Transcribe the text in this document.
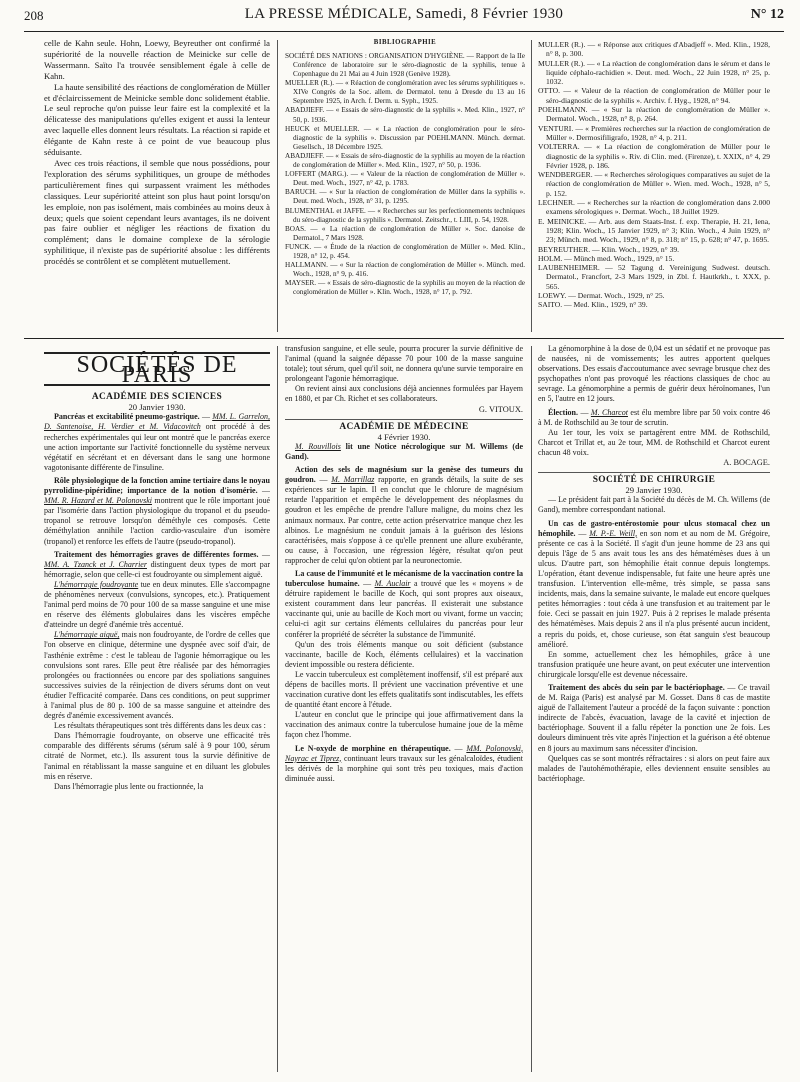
208	LA PRESSE MÉDICALE, Samedi, 8 Février 1930	N° 12

celle de Kahn seule. Hohn, Loewy, Beyreuther ont confirmé la supériorité de la nouvelle réaction de Meinicke sur celle de Wassermann. Saïto l'a trouvée sensiblement égale à celle de Kahn.

La haute sensibilité des réactions de conglomération de Müller et d'éclaircissement de Meinicke semble donc solidement établie. Le seul reproche qu'on puisse leur faire est la complexité et la délicatesse des manipulations qu'elles exigent et aussi la lenteur avec laquelle elles donnent leurs résultats. La réaction si rapide et élégante de Kahn reste à ce point de vue beaucoup plus séduisante.

Avec ces trois réactions, il semble que nous possédions, pour l'exploration des sérums syphilitiques, un groupe de méthodes particulièrement fines qui surpassent vraiment les méthodes classiques. Leur supériorité atteint son plus haut point lorsqu'on les emploie, non pas isolément, mais combinées au moins deux à deux; quels que soient cependant leurs avantages, ils ne doivent pas faire oublier et négliger les réactions de fixation du complément; dans le domaine complexe de la sérologie syphilitique, il n'existe pas de supériorité absolue : les différents procédés se contrôlent et se complètent mutuellement.

BIBLIOGRAPHIE

SOCIÉTÉ DES NATIONS : ORGANISATION D'HYGIÈNE. — Rapport de la IIe Conférence de laboratoire sur le séro-diagnostic de la syphilis, tenue à Copenhague du 21 Mai au 4 Juin 1928 (Genève 1928).

MUELLER (R.). — « Réaction de conglomération avec les sérums syphilitiques ». XIVe Congrès de la Soc. allem. de Dermatol. tenu à Dresde du 13 au 16 Septembre 1925, in Arch. f. Derm. u. Syph., 1925.

ABADJIEFF. — « Essais de séro-diagnostic de la syphilis ». Med. Klin., 1927, n° 50, p. 1936.

HEUCK et MUELLER. — « La réaction de conglomération pour le séro-diagnostic de la syphilis ». Discussion par POEHLMANN. Münch. dermat. Gesellsch., 18 Décembre 1925.

ABADJIEFF. — « Essais de séro-diagnostic de la syphilis au moyen de la réaction de conglomération de Müller ». Med. Klin., 1927, n° 50, p. 1936.

LOFFERT (MARG.). — « Valeur de la réaction de conglomération de Müller ». Deut. med. Woch., 1927, n° 42, p. 1783.

BARUCH. — « Sur la réaction de conglomération de Müller dans la syphilis ». Deut. med. Woch., 1928, n° 31, p. 1295.

BLUMENTHAL et JAFFE. — « Recherches sur les perfectionnements techniques du séro-diagnostic de la syphilis ». Dermatol. Zeitschr., t. LIII, p. 54, 1928.

BOAS. — « La réaction de conglomération de Müller ». Soc. danoise de Dermatol., 7 Mars 1928.

FUNCK. — « Étude de la réaction de conglomération de Müller ». Med. Klin., 1928, n° 12, p. 454.

HALLMANN. — « Sur la réaction de conglomération de Müller ». Münch. med. Woch., 1928, n° 9, p. 416.

MAYSER. — « Essais de séro-diagnostic de la syphilis au moyen de la réaction de conglomération de Müller ». Klin. Woch., 1928, n° 17, p. 792.

MULLER (R.). — « Réponse aux critiques d'Abadjeff ». Med. Klin., 1928, n° 8, p. 300.

MULLER (R.). — « La réaction de conglomération dans le sérum et dans le liquide céphalo-rachidien ». Deut. med. Woch., 22 Juin 1928, n° 25, p. 1032.

OTTO. — « Valeur de la réaction de conglomération de Müller pour le séro-diagnostic de la syphilis ». Archiv. f. Hyg., 1928, n° 94.

POEHLMANN. — « Sur la réaction de conglomération de Müller ». Dermatol. Woch., 1928, n° 8, p. 264.

VENTURI. — « Premières recherches sur la réaction de conglomération de Müller ». Dermosifiligrafo, 1928, n° 4, p. 211.

VOLTERRA. — « La réaction de conglomération de Müller pour le diagnostic de la syphilis ». Riv. di Clin. med. (Firenze), t. XXIX, n° 4, 29 Février 1928, p. 186.

WENDBERGER. — « Recherches sérologiques comparatives au sujet de la réaction de conglomération de Müller ». Wien. med. Woch., 1928, n° 5, p. 152.

LECHNER. — « Recherches sur la réaction de conglomération dans 2.000 examens sérologiques ». Dermat. Woch., 18 Juillet 1929.

E. MEINICKE. — Arb. aus dem Staats-Inst. f. exp. Therapie, H. 21, Iena, 1928; Klin. Woch., 15 Janvier 1929, n° 3; Klin. Woch., 4 Juin 1929, n° 23; Münch. med. Woch., 1929, n° 8, p. 318; n° 15, p. 628; n° 47, p. 1695.

BEYREUTHER. — Klin. Woch., 1929, n° 39.

HOLM. — Münch med. Woch., 1929, n° 15.

LAUBENHEIMER. — 52 Tagung d. Vereinigung Sudwest. deutsch. Dermatol., Francfort, 2-3 Mars 1929, in Zbl. f. Hautkrkh., t. XXX, p. 565.

LOEWY. — Dermat. Woch., 1929, n° 25.

SAITO. — Med. Klin., 1929, n° 39.

SOCIÉTÉS DE PARIS

ACADÉMIE DES SCIENCES

20 Janvier 1930.

Pancréas et excitabilité pneumo-gastrique. — MM. L. Garrelon, D. Santenoise, H. Verdier et M. Vidacovitch ont procédé à des recherches expérimentales qui leur ont montré que le pancréas exerce une action importante sur l'activité fonctionnelle du système nerveux végétatif en sécrétant et en déversant dans le sang une hormone vagotonisante différente de l'insuline.

Rôle physiologique de la fonction amine tertiaire dans le noyau pyrrolidine-pipéridine; importance de la notion d'isomérie. — MM. R. Hazard et M. Polonovski montrent que le rôle important joué par l'isomérie dans l'action physiologique du tropanol et du pseudo-tropanol se retrouve lorsqu'on déméthyle ces composés. Cette déméthylation annihile l'action cardio-vasculaire d'un isomère (tropanol) et renforce les effets de l'autre (pseudo-tropanol).

Traitement des hémorragies graves de différentes formes. — MM. A. Tzanck et J. Charrier distinguent deux types de mort par hémorragie, selon que celle-ci est foudroyante ou simplement aiguë.

L'hémorragie foudroyante tue en deux minutes. Elle s'accompagne de phénomènes nerveux (convulsions, syncopes, etc.). Pratiquement l'animal perd moins de 70 pour 100 de sa masse sanguine et une mise en réserve des éléments globulaires dans les viscères empêche d'atteindre un degré d'anémie très accentué.

L'hémorragie aiguë, mais non foudroyante, de l'ordre de celles que l'on observe en clinique, détermine une dyspnée avec soif d'air, de l'asthénie extrême : c'est le tableau de l'agonie hémorragique ou les convulsions sont rares. Elle peut être réalisée par des hémorragies prolongées ou fractionnées ou encore par des spoliations sanguines successives suivies de la réinjection de divers sérums dont on veut étudier l'efficacité comparée. Dans ces conditions, on peut supprimer à l'animal plus de 80 p. 100 de sa masse sanguine et atteindre des degrés d'anémie excessivement avancés.

Les résultats thérapeutiques sont très différents dans les deux cas :

Dans l'hémorragie foudroyante, on observe une efficacité très comparable des différents sérums (sérum salé à 9 pour 100, sérum citraté de Normet, etc.). Ils assurent tous la survie définitive de l'animal en rétablissant la masse sanguine et en diluant les globules mis en réserve.

Dans l'hémorragie plus lente ou fractionnée, la

transfusion sanguine, et elle seule, pourra procurer la survie définitive de l'animal (quand la saignée dépasse 70 pour 100 de la masse sanguine totale); tout sérum, quel qu'il soit, ne donnera qu'une survie temporaire en prolongeant l'agonie hémorragique.

On revient ainsi aux conclusions déjà anciennes formulées par Hayem en 1880, et par Ch. Richet et ses collaborateurs.

G. VITOUX.

ACADÉMIE DE MÉDECINE

4 Février 1930.

M. Rouvillois lit une Notice nécrologique sur M. Willems (de Gand).

Action des sels de magnésium sur la genèse des tumeurs du goudron. — M. Marrillaz rapporte, en grands détails, la suite de ses expériences sur le lapin. Il en conclut que le chlorure de magnésium retarde l'apparition et empêche le développement des néoplasmes du goudron et les empêche de prendre l'allure maligne, du moins chez les animaux normaux. Par contre, cette action préservatrice manque chez les albinos. Le magnésium ne conduit jamais à la guérison des lésions caractérisées, mais s'oppose à ce qu'elle prennent une allure exubérante, ou cause, à l'occasion, une régression légère, résultat qu'on peut rapprocher de celui qu'on obtient par la neuronectomie.

La cause de l'immunité et le mécanisme de la vaccination contre la tuberculose humaine. — M. Auclair a trouvé que les « moyens » de détruire rapidement le bacille de Koch, qui sont propres aux oiseaux, existent couramment dans leur pancréas. Il existerait une substance vaccinante qui, unie au bacille de Koch mort ou vivant, forme un vaccin; celui-ci agit sur certains éléments cellulaires du pancréas pour leur conférer la propriété de sécréter la substance de l'immunité.

Qu'un des trois éléments manque ou soit déficient (substance vaccinante, bacille de Koch, éléments cellulaires) et la vaccination devient impossible ou restera déficiente.

Le vaccin tuberculeux est complètement inoffensif, s'il est préparé aux dépens de bacilles morts. Il prévient une vaccination préventive et une vaccination curative dont les effets qualitatifs sont indiscutables, les effets de quantité étant encore à l'étude.

L'auteur en conclut que le principe qui joue affirmativement dans la vaccination des animaux contre la tuberculose humaine joue de la même façon chez l'homme.

Le N-oxyde de morphine en thérapeutique. — MM. Polonovski, Nayrac et Tiprez, continuant leurs travaux sur les génalcaloïdes, étudient les dérivés de la morphine qui sont très peu toxiques, mais d'action diminuée aussi.

La génomorphine à la dose de 0,04 est un sédatif et ne provoque pas de nausées, ni de vomissements; les autres apportent quelques observations. Des essais d'accoutumance avec sevrage brusque chez des psychopathes n'ont pas provoqué les réactions classiques de choc au sevrage. La génomorphine a permis de guérir deux héroïnomanes, l'un en 5, l'autre en 12 jours.

Élection. — M. Charcot est élu membre libre par 50 voix contre 46 à M. de Rothschild au 3e tour de scrutin.

Au 1er tour, les voix se partagèrent entre MM. de Rothschild, Charcot et Trillat et, au 2e tour, MM. de Rothschild et Charcot eurent chacun 48 voix.

A. BOCAGE.

SOCIÉTÉ DE CHIRURGIE

29 Janvier 1930.

— Le président fait part à la Société du décès de M. Ch. Willems (de Gand), membre correspondant national.

Un cas de gastro-entérostomie pour ulcus stomacal chez un hémophile. — M. P.-E. Weill, en son nom et au nom de M. Grégoire, présente ce cas à la Société. Il s'agit d'un jeune homme de 23 ans qui depuis l'âge de 5 ans avait tous les ans des hématémèses dues à un ulcus. D'autre part, son hémophilie était connue depuis longtemps. L'opération, étant devenue indispensable, fut faite une heure après une transfusion. L'intervention elle-même, très simple, se passa sans incidents, mais, dans la semaine suivante, le malade eut encore quelques petites hémorragies : tout céda à une transfusion et au traitement par le foie. Ceci se passait en juin 1927. Puis à 2 reprises le malade présenta des hématémèses. Mais depuis 2 ans il n'a plus présenté aucun incident, a repris du poids, et, chose curieuse, son état sanguin s'est beaucoup amélioré.

En somme, actuellement chez les hémophiles, grâce à une transfusion pratiquée une heure avant, on peut exécuter une intervention chirurgicale lorsqu'elle est devenue nécessaire.

Traitement des abcès du sein par le bactériophage. — Ce travail de M. Raiga (Paris) est analysé par M. Gosset. Dans 8 cas de mastite aiguë de l'allaitement l'auteur a procédé de la façon suivante : ponction indirecte de l'abcès, évacuation, lavage de la cavité et injection de bactériophage. Souvent il a fallu répéter la ponction une 2e fois. Les douleurs diminuent très vite après l'injection et la guérison a été obtenue en 8 jours au maximum sans nécessiter d'incision.

Quelques cas se sont montrés réfractaires : si alors on peut faire aux malades de l'autohémothérapie, elles deviennent ensuite sensibles au bactériophage.
